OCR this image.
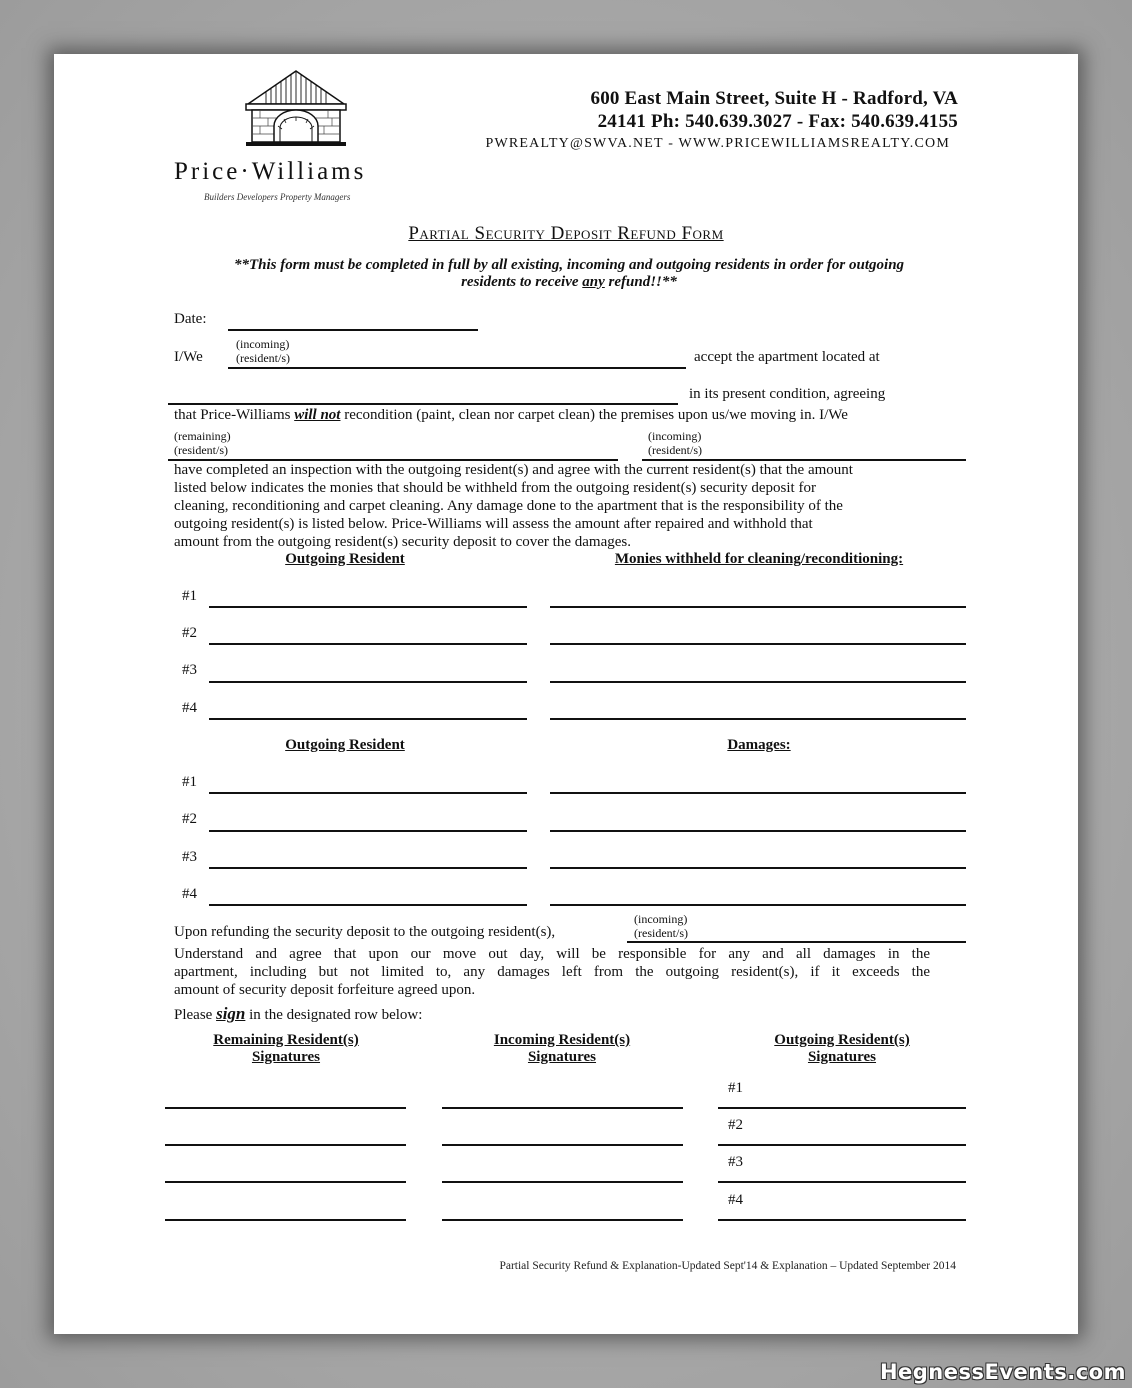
Price·Williams
Builders Developers Property Managers
600 East Main Street, Suite H - Radford, VA
24141 Ph: 540.639.3027 - Fax: 540.639.4155
PWREALTY@SWVA.NET - WWW.PRICEWILLIAMSREALTY.COM
Partial Security Deposit Refund Form
**This form must be completed in full by all existing, incoming and outgoing residents in order for outgoing
residents to receive any refund!!**
Date:
I/We
(incoming)
(resident/s)	accept the apartment located at
in its present condition, agreeing
that Price-Williams will not recondition (paint, clean nor carpet clean) the premises upon us/we moving in. I/We
(remaining)
(resident/s)
(incoming)
(resident/s)
have completed an inspection with the outgoing resident(s) and agree with the current resident(s) that the amount
listed below indicates the monies that should be withheld from the outgoing resident(s) security deposit for
cleaning, reconditioning and carpet cleaning. Any damage done to the apartment that is the responsibility of the
outgoing resident(s) is listed below. Price-Williams will assess the amount after repaired and withhold that
amount from the outgoing resident(s) security deposit to cover the damages.
Outgoing Resident	Monies withheld for cleaning/reconditioning:
#1
#2
#3
#4
Outgoing Resident	Damages:
#1
#2
#3
#4
Upon refunding the security deposit to the outgoing resident(s),
(incoming)
(resident/s)
Understand and agree that upon our move out day, will be responsible for any and all damages in the
apartment, including but not limited to, any damages left from the outgoing resident(s), if it exceeds the
amount of security deposit forfeiture agreed upon.
Please sign in the designated row below:
Remaining Resident(s)
Signatures
Incoming Resident(s)
Signatures
Outgoing Resident(s)
Signatures
#1
#2
#3
#4
Partial Security Refund & Explanation-Updated Sept'14 & Explanation – Updated September 2014
HegnessEvents.com
